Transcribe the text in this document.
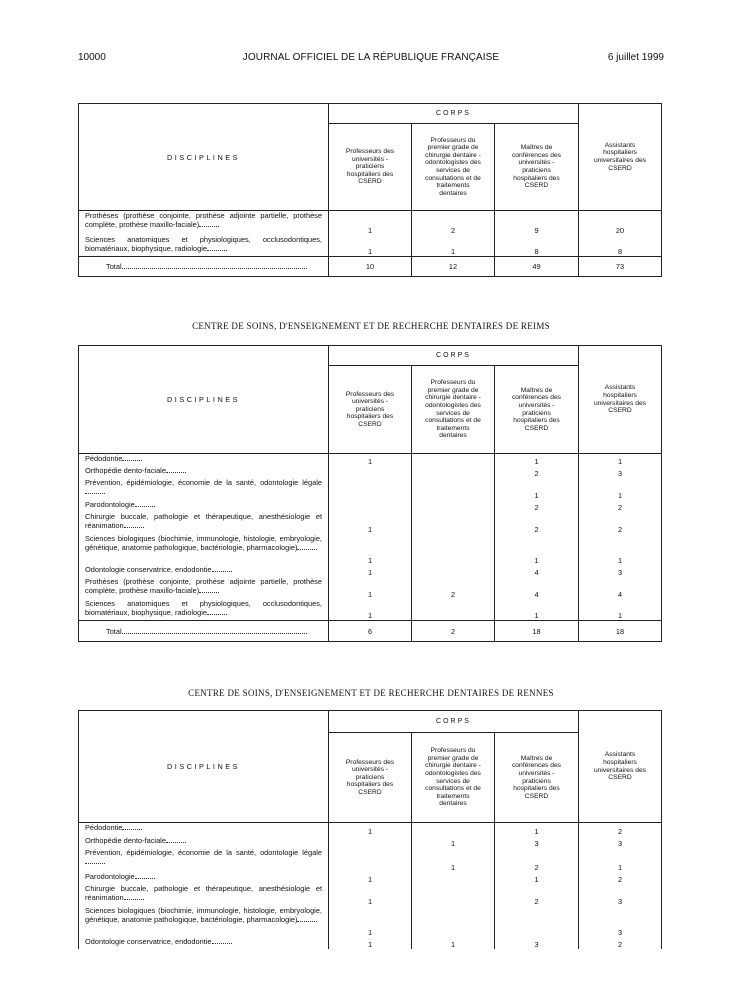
10000	JOURNAL OFFICIEL DE LA RÉPUBLIQUE FRANÇAISE	6 juillet 1999
CENTRE DE SOINS, D'ENSEIGNEMENT ET DE RECHERCHE DENTAIRES DE REIMS
CENTRE DE SOINS, D'ENSEIGNEMENT ET DE RECHERCHE DENTAIRES DE RENNES
DISCIPLINES	CORPS			Assistants hospitaliers universitaires des CSERD
	Professeurs des universités - praticiens hospitaliers des CSERD	Professeurs du premier grade de chirurgie dentaire - odontologistes des services de consultations et de traitements dentaires	Maîtres de conférences des universités - praticiens hospitaliers des CSERD	
Prothèses (prothèse conjointe, prothèse adjointe partielle, prothèse complète, prothèse maxillo-faciale)	1	2	9	20
Sciences anatomiques et physiologiques, occlusodontiques, biomatériaux, biophysique, radiologie	1	1	8	8
Total	10	12	49	73
DISCIPLINES	CORPS			Assistants hospitaliers universitaires des CSERD
	Professeurs des universités - praticiens hospitaliers des CSERD	Professeurs du premier grade de chirurgie dentaire - odontologistes des services de consultations et de traitements dentaires	Maîtres de conférences des universités - praticiens hospitaliers des CSERD	
Pédodontie	1		1	1
Orthopédie dento-faciale			2	3
Prévention, épidémiologie, économie de la santé, odontologie légale			1	1
Parodontologie			2	2
Chirurgie buccale, pathologie et thérapeutique, anesthésiologie et réanimation	1		2	2
Sciences biologiques (biochimie, immunologie, histologie, embryologie, génétique, anatomie pathologique, bactériologie, pharmacologie)	1		1	1
Odontologie conservatrice, endodontie	1		4	3
Prothèses (prothèse conjointe, prothèse adjointe partielle, prothèse complète, prothèse maxillo-faciale)	1	2	4	4
Sciences anatomiques et physiologiques, occlusodontiques, biomatériaux, biophysique, radiologie	1		1	1
Total	6	2	18	18
DISCIPLINES	CORPS			Assistants hospitaliers universitaires des CSERD
	Professeurs des universités - praticiens hospitaliers des CSERD	Professeurs du premier grade de chirurgie dentaire - odontologistes des services de consultations et de traitements dentaires	Maîtres de conférences des universités - praticiens hospitaliers des CSERD	
Pédodontie	1		1	2
Orthopédie dento-faciale		1	3	3
Prévention, épidémiologie, économie de la santé, odontologie légale		1	2	1
Parodontologie	1		1	2
Chirurgie buccale, pathologie et thérapeutique, anesthésiologie et réanimation	1		2	3
Sciences biologiques (biochimie, immunologie, histologie, embryologie, génétique, anatomie pathologique, bactériologie, pharmacologie)	1			3
Odontologie conservatrice, endodontie	1	1	3	2
